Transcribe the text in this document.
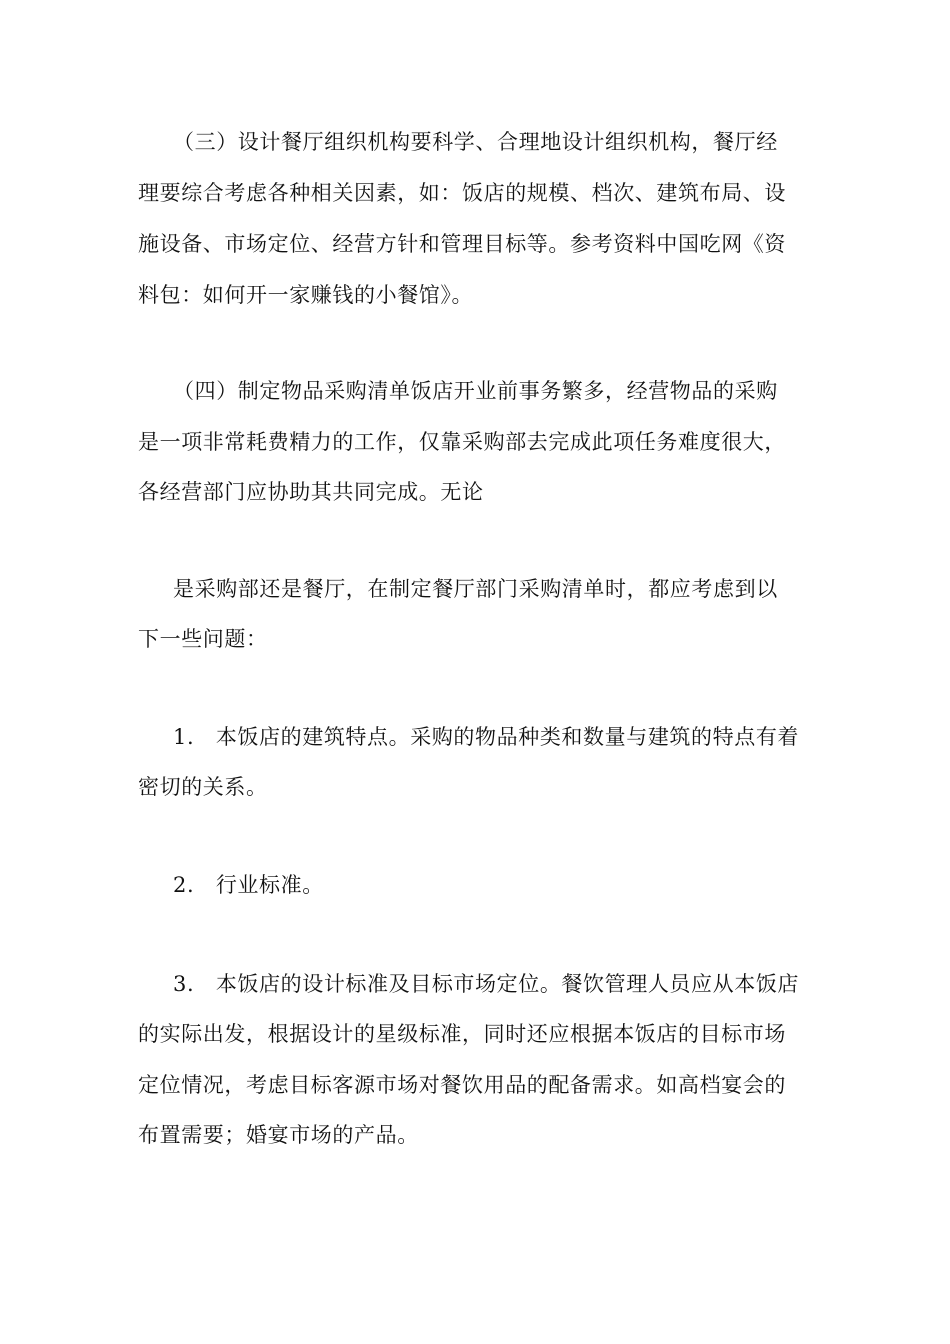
（三）设计餐厅组织机构要科学、合理地设计组织机构，餐厅经
理要综合考虑各种相关因素，如：饭店的规模、档次、建筑布局、设
施设备、市场定位、经营方针和管理目标等。参考资料中国吃网《资
料包：如何开一家赚钱的小餐馆》。
（四）制定物品采购清单饭店开业前事务繁多，经营物品的采购
是一项非常耗费精力的工作，仅靠采购部去完成此项任务难度很大，
各经营部门应协助其共同完成。无论
是采购部还是餐厅，在制定餐厅部门采购清单时，都应考虑到以
下一些问题：
1.　本饭店的建筑特点。采购的物品种类和数量与建筑的特点有着
密切的关系。
2.　行业标准。
3.　本饭店的设计标准及目标市场定位。餐饮管理人员应从本饭店
的实际出发，根据设计的星级标准，同时还应根据本饭店的目标市场
定位情况，考虑目标客源市场对餐饮用品的配备需求。如高档宴会的
布置需要；婚宴市场的产品。
